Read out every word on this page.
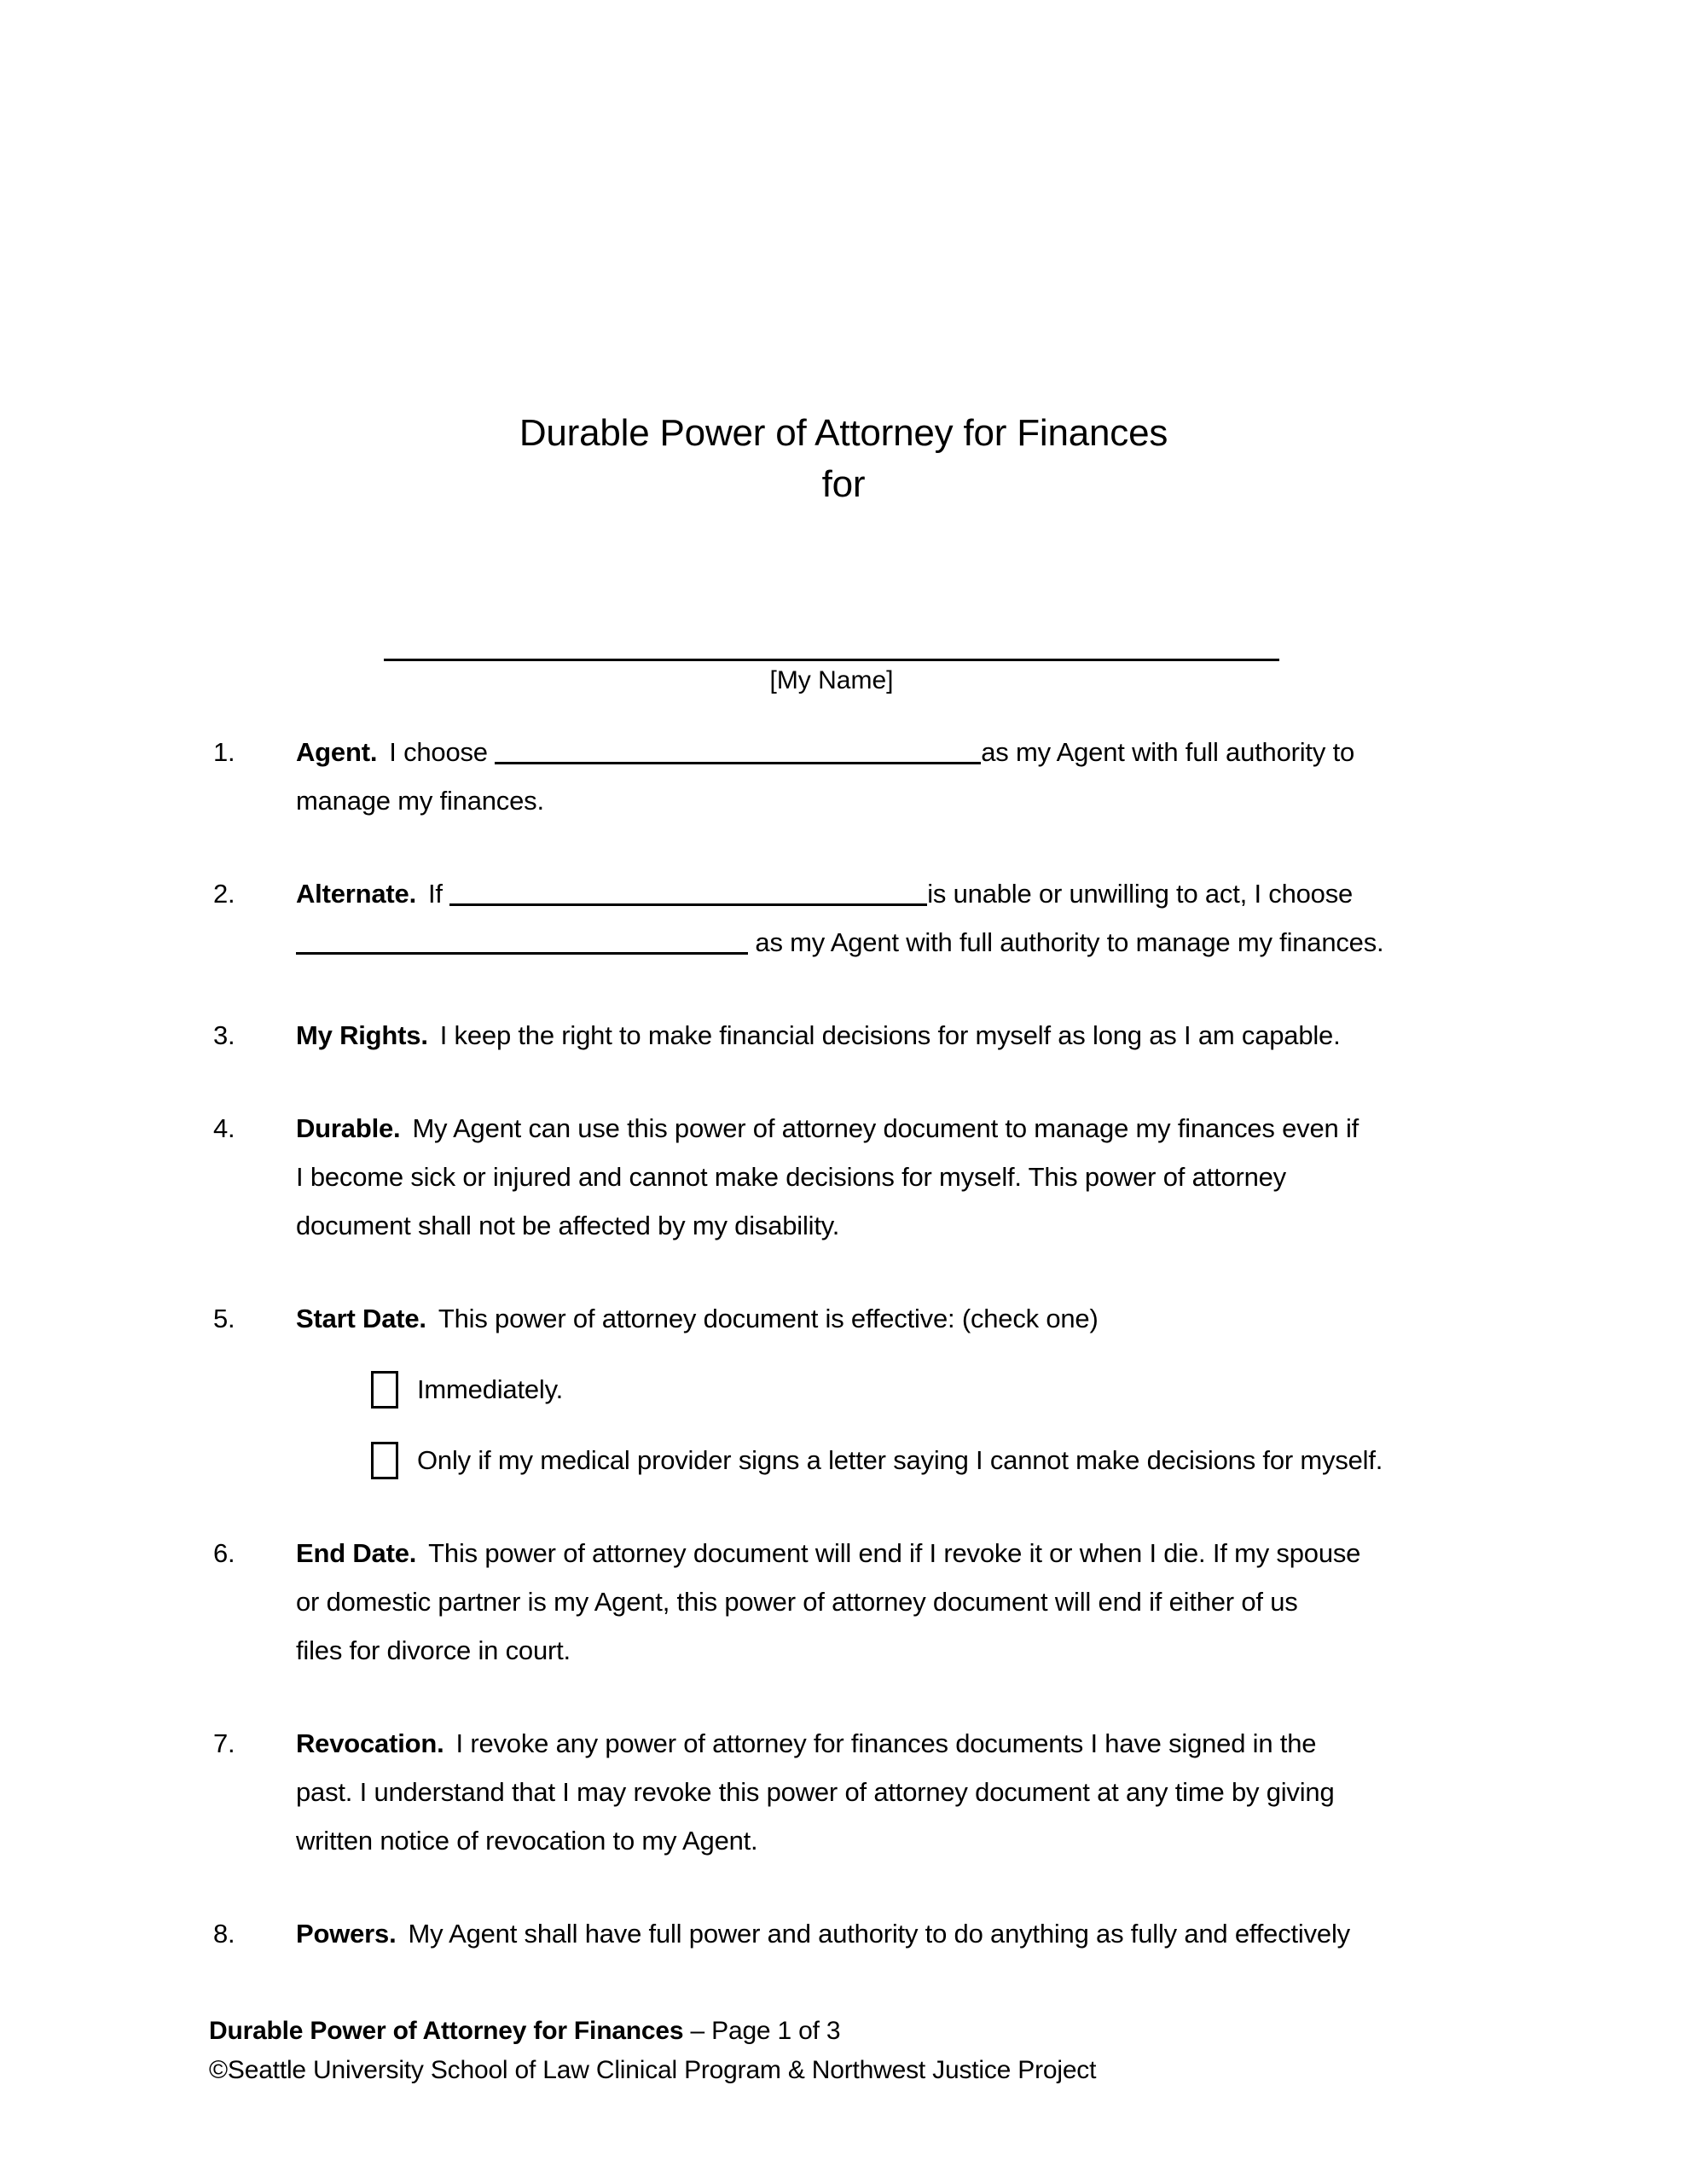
Durable Power of Attorney for Finances
for
[My Name]
1.	Agent. I choose	as my Agent with full authority to
manage my finances.
2.	Alternate. If	is unable or unwilling to act, I choose
as my Agent with full authority to manage my finances.
3.	My Rights. I keep the right to make financial decisions for myself as long as I am capable.
4.	Durable. My Agent can use this power of attorney document to manage my finances even if
I become sick or injured and cannot make decisions for myself. This power of attorney
document shall not be affected by my disability.
5.	Start Date. This power of attorney document is effective: (check one)
Immediately.
Only if my medical provider signs a letter saying I cannot make decisions for myself.
6.	End Date. This power of attorney document will end if I revoke it or when I die. If my spouse
or domestic partner is my Agent, this power of attorney document will end if either of us
files for divorce in court.
7.	Revocation. I revoke any power of attorney for finances documents I have signed in the
past. I understand that I may revoke this power of attorney document at any time by giving
written notice of revocation to my Agent.
8.	Powers. My Agent shall have full power and authority to do anything as fully and effectively
Durable Power of Attorney for Finances – Page 1 of 3
©Seattle University School of Law Clinical Program & Northwest Justice Project
